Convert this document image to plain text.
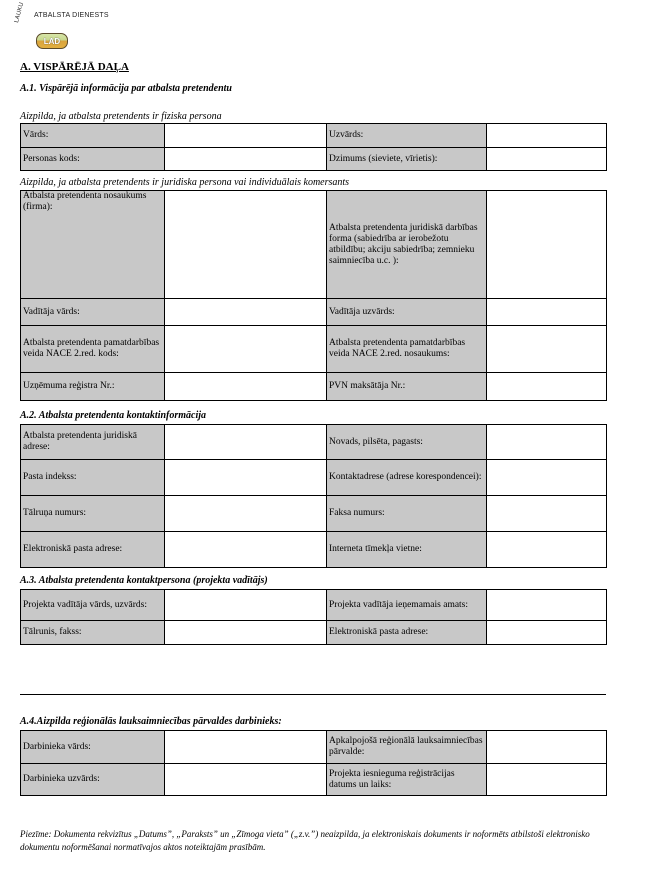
LAUKU ATBALSTA DIENESTS
LAD
A. VISPĀRĒJĀ DAĻA
A.1. Vispārējā informācija par atbalsta pretendentu
Aizpilda, ja atbalsta pretendents ir fiziska persona
Vārds:		Uzvārds:	
Personas kods:		Dzimums (sieviete, vīrietis):	
Aizpilda, ja atbalsta pretendents ir juridiska persona vai individuālais komersants
Atbalsta pretendenta nosaukums (firma):		Atbalsta pretendenta juridiskā darbības forma (sabiedrība ar ierobežotu atbildību; akciju sabiedrība; zemnieku saimniecība u.c. ):	
Vadītāja vārds:		Vadītāja uzvārds:	
Atbalsta pretendenta pamatdarbības veida NACE 2.red. kods:		Atbalsta pretendenta pamatdarbības veida NACE 2.red. nosaukums:	
Uzņēmuma reģistra Nr.:		PVN maksātāja Nr.:	
A.2. Atbalsta pretendenta kontaktinformācija
Atbalsta pretendenta juridiskā adrese:		Novads, pilsēta, pagasts:	
Pasta indekss:		Kontaktadrese (adrese korespondencei):	
Tālruņa numurs:		Faksa numurs:	
Elektroniskā pasta adrese:		Interneta tīmekļa vietne:	
A.3. Atbalsta pretendenta kontaktpersona (projekta vadītājs)
Projekta vadītāja vārds, uzvārds:		Projekta vadītāja ieņemamais amats:	
Tālrunis, fakss:		Elektroniskā pasta adrese:	
A.4.Aizpilda reģionālās lauksaimniecības pārvaldes darbinieks:
Darbinieka vārds:		Apkalpojošā reģionālā lauksaimniecības pārvalde:	
Darbinieka uzvārds:		Projekta iesnieguma reģistrācijas datums un laiks:	
Piezīme: Dokumenta rekvizītus „Datums”, „Paraksts” un „Zīmoga vieta” („z.v.”) neaizpilda, ja elektroniskais dokuments ir noformēts atbilstoši elektronisko dokumentu noformēšanai normatīvajos aktos noteiktajām prasībām.
